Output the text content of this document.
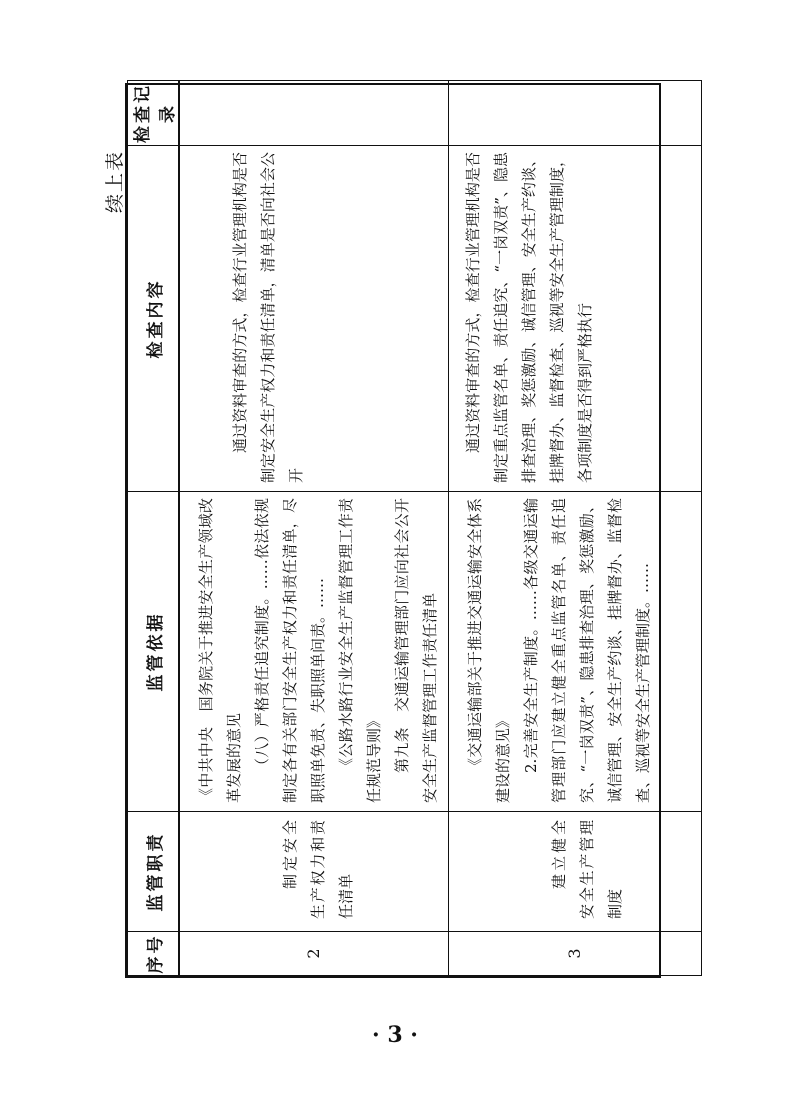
续上表
序号	监管职责	监管依据	检查内容	检查记录
2	制定安全生产权力和责任清单	《中共中央　国务院关于推进安全生产领域改革发展的意见 （八）严格责任追究制度。……依法依规制定各有关部门安全生产权力和责任清单，尽职照单免责、失职照单问责。…… 《公路水路行业安全生产监督管理工作责任规范导则》 第九条　交通运输管理部门应向社会公开安全生产监督管理工作责任清单	通过资料审查的方式，检查行业管理机构是否制定安全生产权力和责任清单，清单是否向社会公开	

3	建立健全安全生产管理制度	《交通运输部关于推进交通运输安全体系建设的意见》 2.完善安全生产制度。……各级交通运输管理部门应建立健全重点监管名单、责任追究、“一岗双责”、隐患排查治理、奖惩激励、诚信管理、安全生产约谈、挂牌督办、监督检查、巡视等安全生产管理制度。……	通过资料审查的方式，检查行业管理机构是否制定重点监管名单、责任追究、“一岗双责”、隐患排查治理、奖惩激励、诚信管理、安全生产约谈、挂牌督办、监督检查、巡视等安全生产管理制度，各项制度是否得到严格执行	

· 3 ·
